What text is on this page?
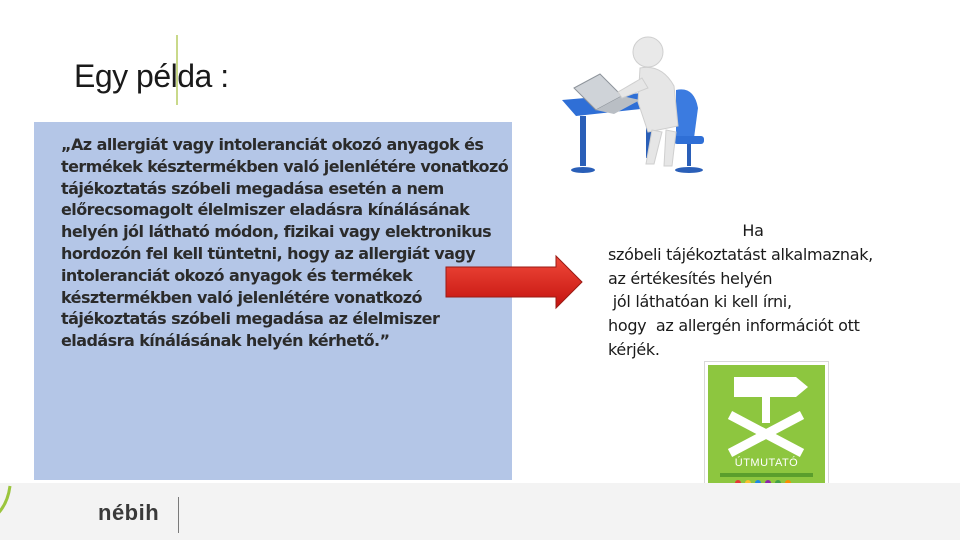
Egy példa :
„Az allergiát vagy intoleranciát okozó anyagok és termékek késztermékben való jelenlétére vonatkozó tájékoztatás szóbeli megadása esetén a nem előrecsomagolt élelmiszer eladásra kínálásának helyén jól látható módon, fizikai vagy elektronikus hordozón fel kell tüntetni, hogy az allergiát vagy intoleranciát okozó anyagok és termékek késztermékben való jelenlétére vonatkozó tájékoztatás szóbeli megadása az élelmiszer eladásra kínálásának helyén kérhető.”
Ha
szóbeli tájékoztatást alkalmaznak,
az értékesítés helyén
jól láthatóan ki kell írni,
hogy  az allergén információt ott
kérjék.
ÚTMUTATÓ
nébih
